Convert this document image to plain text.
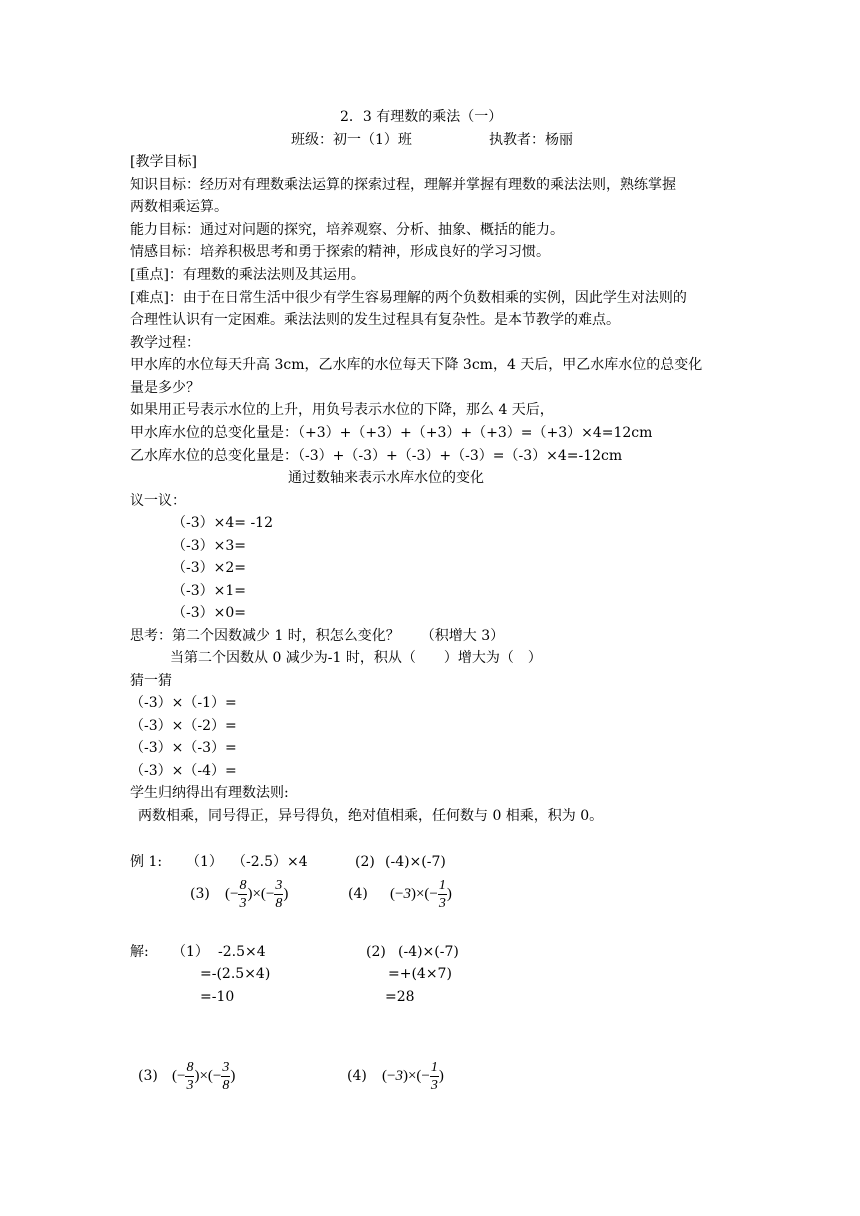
2．3 有理数的乘法（一）
班级：初一（1）班	执教者：杨丽
[教学目标]
知识目标：经历对有理数乘法运算的探索过程，理解并掌握有理数的乘法法则，熟练掌握
两数相乘运算。
能力目标：通过对问题的探究，培养观察、分析、抽象、概括的能力。
情感目标：培养积极思考和勇于探索的精神，形成良好的学习习惯。
[重点]：有理数的乘法法则及其运用。
[难点]：由于在日常生活中很少有学生容易理解的两个负数相乘的实例，因此学生对法则的
合理性认识有一定困难。乘法法则的发生过程具有复杂性。是本节教学的难点。
教学过程：
甲水库的水位每天升高 3cm，乙水库的水位每天下降 3cm，4 天后，甲乙水库水位的总变化
量是多少？
如果用正号表示水位的上升，用负号表示水位的下降，那么 4 天后，
甲水库水位的总变化量是：（+3）+（+3）+（+3）+（+3）=（+3）×4=12cm
乙水库水位的总变化量是：（-3）+（-3）+（-3）+（-3）=（-3）×4=-12cm
通过数轴来表示水库水位的变化
议一议：
（-3）×4= -12
（-3）×3=
（-3）×2=
（-3）×1=
（-3）×0=
思考：第二个因数减少 1 时，积怎么变化？　　（积增大 3）
当第二个因数从 0 减少为-1 时，积从（　　）增大为（　）
猜一猜
（-3）×（-1）=
（-3）×（-2）=
（-3）×（-3）=
（-3）×（-4）=
学生归纳得出有理数法则:
两数相乘，同号得正，异号得负，绝对值相乘，任何数与 0 相乘，积为 0。
例 1: （1） （-2.5）×4	(2) (-4)×(-7)
(3) (− $\frac{8}{3}$ )×(− $\frac{3}{8}$ )	(4) $(-3)\times(- \frac{1}{3}$ )
解: （1） -2.5×4
=-(2.5×4)
=-10
(2) (-4)×(-7)
=+(4×7)
=28
(3) (− $\frac{8}{3}$ )×(− $\frac{3}{8}$ )	(4) $(-3)\times(- \frac{1}{3}$ )
